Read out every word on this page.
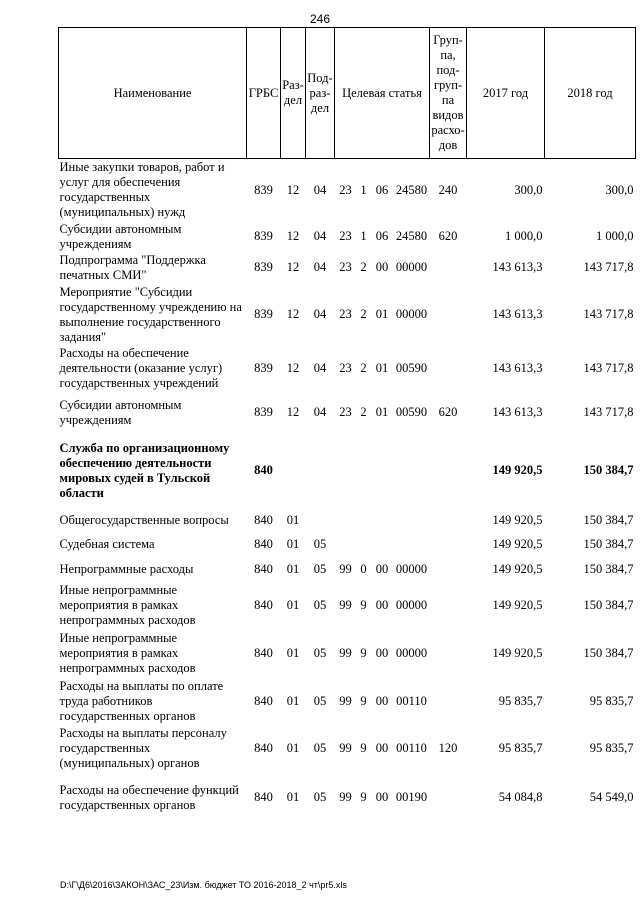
246
Наименование	ГРБС	Раз-дел	Под-раз-дел	Целевая статья				Груп-па, под-груп-па видов расхо-дов	2017 год	2018 год
Иные закупки товаров, работ и услуг для обеспечения государственных (муниципальных) нужд	839	12	04	23	1	06	24580	240	300,0	300,0
Субсидии автономным учреждениям	839	12	04	23	1	06	24580	620	1 000,0	1 000,0
Подпрограмма "Поддержка печатных СМИ"	839	12	04	23	2	00	00000		143 613,3	143 717,8
Мероприятие "Субсидии государственному учреждению на выполнение государственного задания"	839	12	04	23	2	01	00000		143 613,3	143 717,8
Расходы на обеспечение деятельности (оказание услуг) государственных учреждений	839	12	04	23	2	01	00590		143 613,3	143 717,8
Субсидии автономным учреждениям	839	12	04	23	2	01	00590	620	143 613,3	143 717,8
Служба по организационному обеспечению деятельности мировых судей в Тульской области	840								149 920,5	150 384,7
Общегосударственные вопросы	840	01							149 920,5	150 384,7
Судебная система	840	01	05						149 920,5	150 384,7
Непрограммные расходы	840	01	05	99	0	00	00000		149 920,5	150 384,7
Иные непрограммные мероприятия в рамках непрограммных расходов	840	01	05	99	9	00	00000		149 920,5	150 384,7
Иные непрограммные мероприятия в рамках непрограммных расходов	840	01	05	99	9	00	00000		149 920,5	150 384,7
Расходы на выплаты по оплате труда работников государственных органов	840	01	05	99	9	00	00110		95 835,7	95 835,7
Расходы на выплаты персоналу государственных (муниципальных) органов	840	01	05	99	9	00	00110	120	95 835,7	95 835,7
Расходы на обеспечение функций государственных органов	840	01	05	99	9	00	00190		54 084,8	54 549,0
D:\Г\Д6\2016\ЗАКОН\ЗАС_23\Изм. бюджет ТО 2016-2018_2 чт\pr5.xls
